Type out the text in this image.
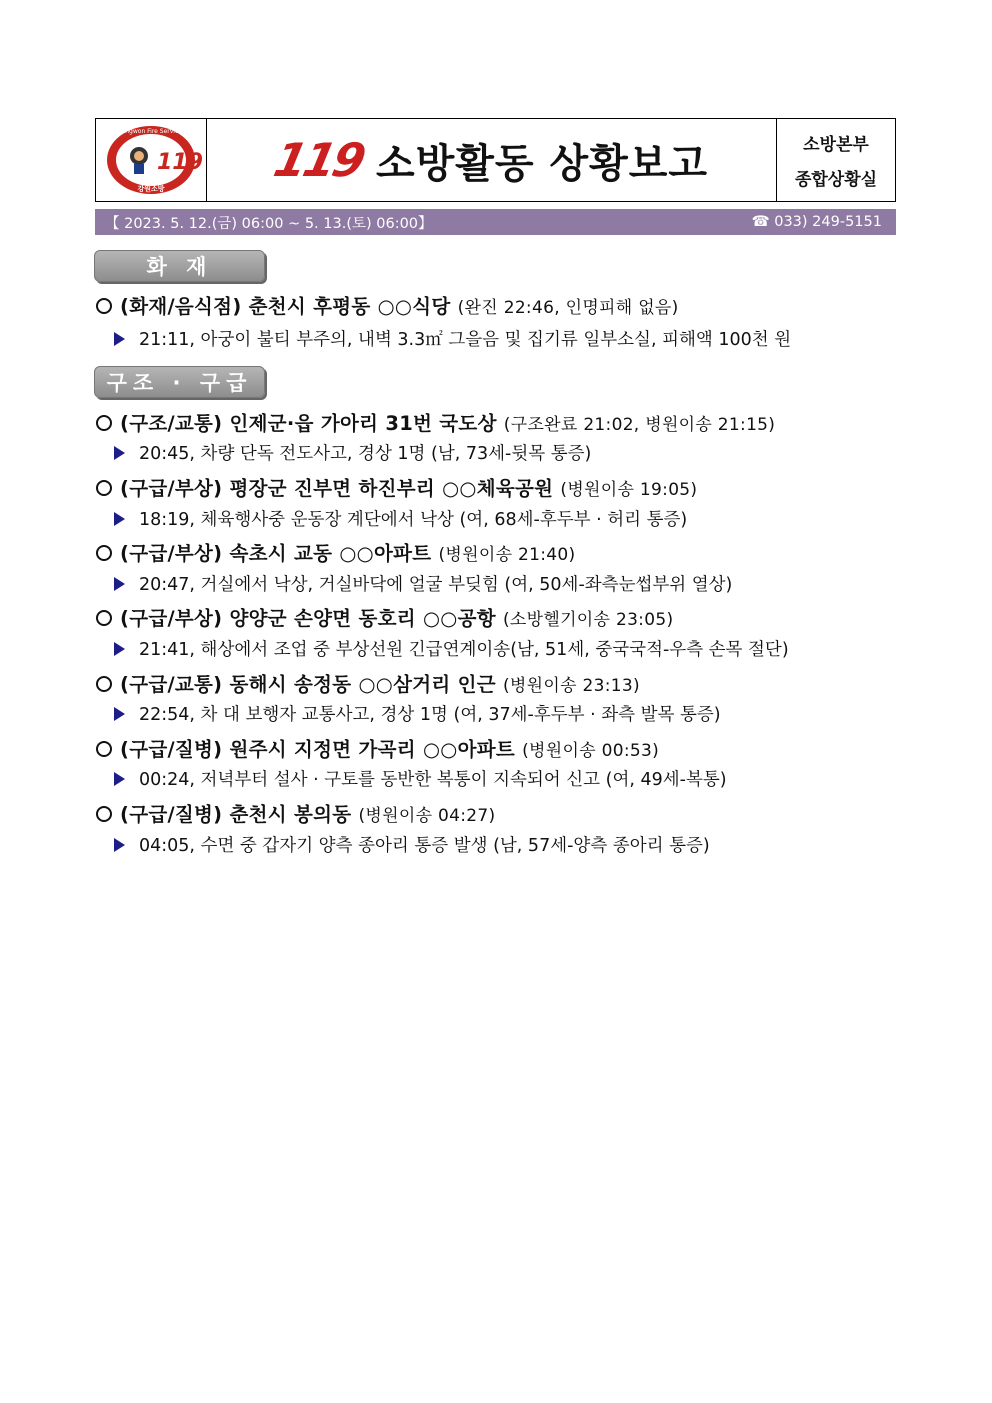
119
강원소방
Gangwon Fire Services
119 소방활동 상황보고	소방본부
종합상황실
【 2023. 5. 12.(금) 06:00 ~ 5. 13.(토) 06:00】	☎ 033) 249-5151
화 재
(화재/음식점) 춘천시 후평동 ○○식당 (완진 22:46, 인명피해 없음)
21:11, 아궁이 불티 부주의, 내벽 3.3㎡ 그을음 및 집기류 일부소실, 피해액 100천 원
구조 · 구급
(구조/교통) 인제군·읍 가아리 31번 국도상 (구조완료 21:02, 병원이송 21:15)
20:45, 차량 단독 전도사고, 경상 1명 (남, 73세-뒷목 통증)
(구급/부상) 평장군 진부면 하진부리 ○○체육공원 (병원이송 19:05)
18:19, 체육행사중 운동장 계단에서 낙상 (여, 68세-후두부 · 허리 통증)
(구급/부상) 속초시 교동 ○○아파트 (병원이송 21:40)
20:47, 거실에서 낙상, 거실바닥에 얼굴 부딪힘 (여, 50세-좌측눈썹부위 열상)
(구급/부상) 양양군 손양면 동호리 ○○공항 (소방헬기이송 23:05)
21:41, 해상에서 조업 중 부상선원 긴급연계이송(남, 51세, 중국국적-우측 손목 절단)
(구급/교통) 동해시 송정동 ○○삼거리 인근 (병원이송 23:13)
22:54, 차 대 보행자 교통사고, 경상 1명 (여, 37세-후두부 · 좌측 발목 통증)
(구급/질병) 원주시 지정면 가곡리 ○○아파트 (병원이송 00:53)
00:24, 저녁부터 설사 · 구토를 동반한 복통이 지속되어 신고 (여, 49세-복통)
(구급/질병) 춘천시 봉의동 (병원이송 04:27)
04:05, 수면 중 갑자기 양측 종아리 통증 발생 (남, 57세-양측 종아리 통증)
